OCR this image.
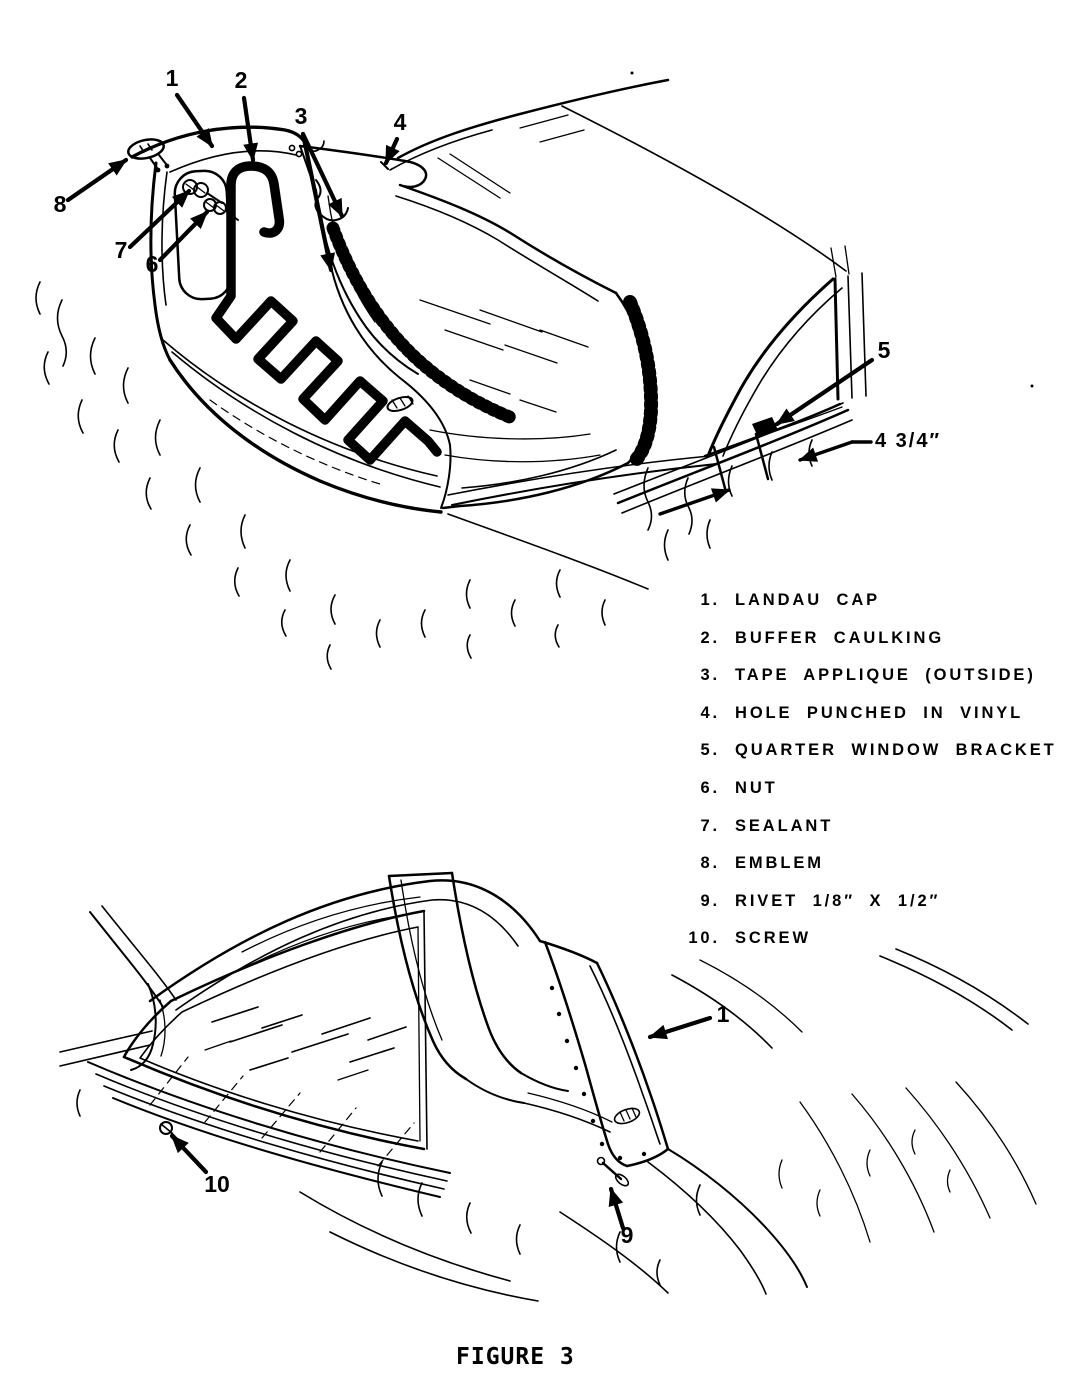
1 2
3	4
5
6
7
8
4 3/4″
10
9
1
1. LANDAU CAP
2. BUFFER CAULKING
3. TAPE APPLIQUE (OUTSIDE)
4. HOLE PUNCHED IN VINYL
5. QUARTER WINDOW BRACKET
6. NUT
7. SEALANT
8. EMBLEM
9. RIVET 1/8″ X 1/2″
10. SCREW
FIGURE 3
